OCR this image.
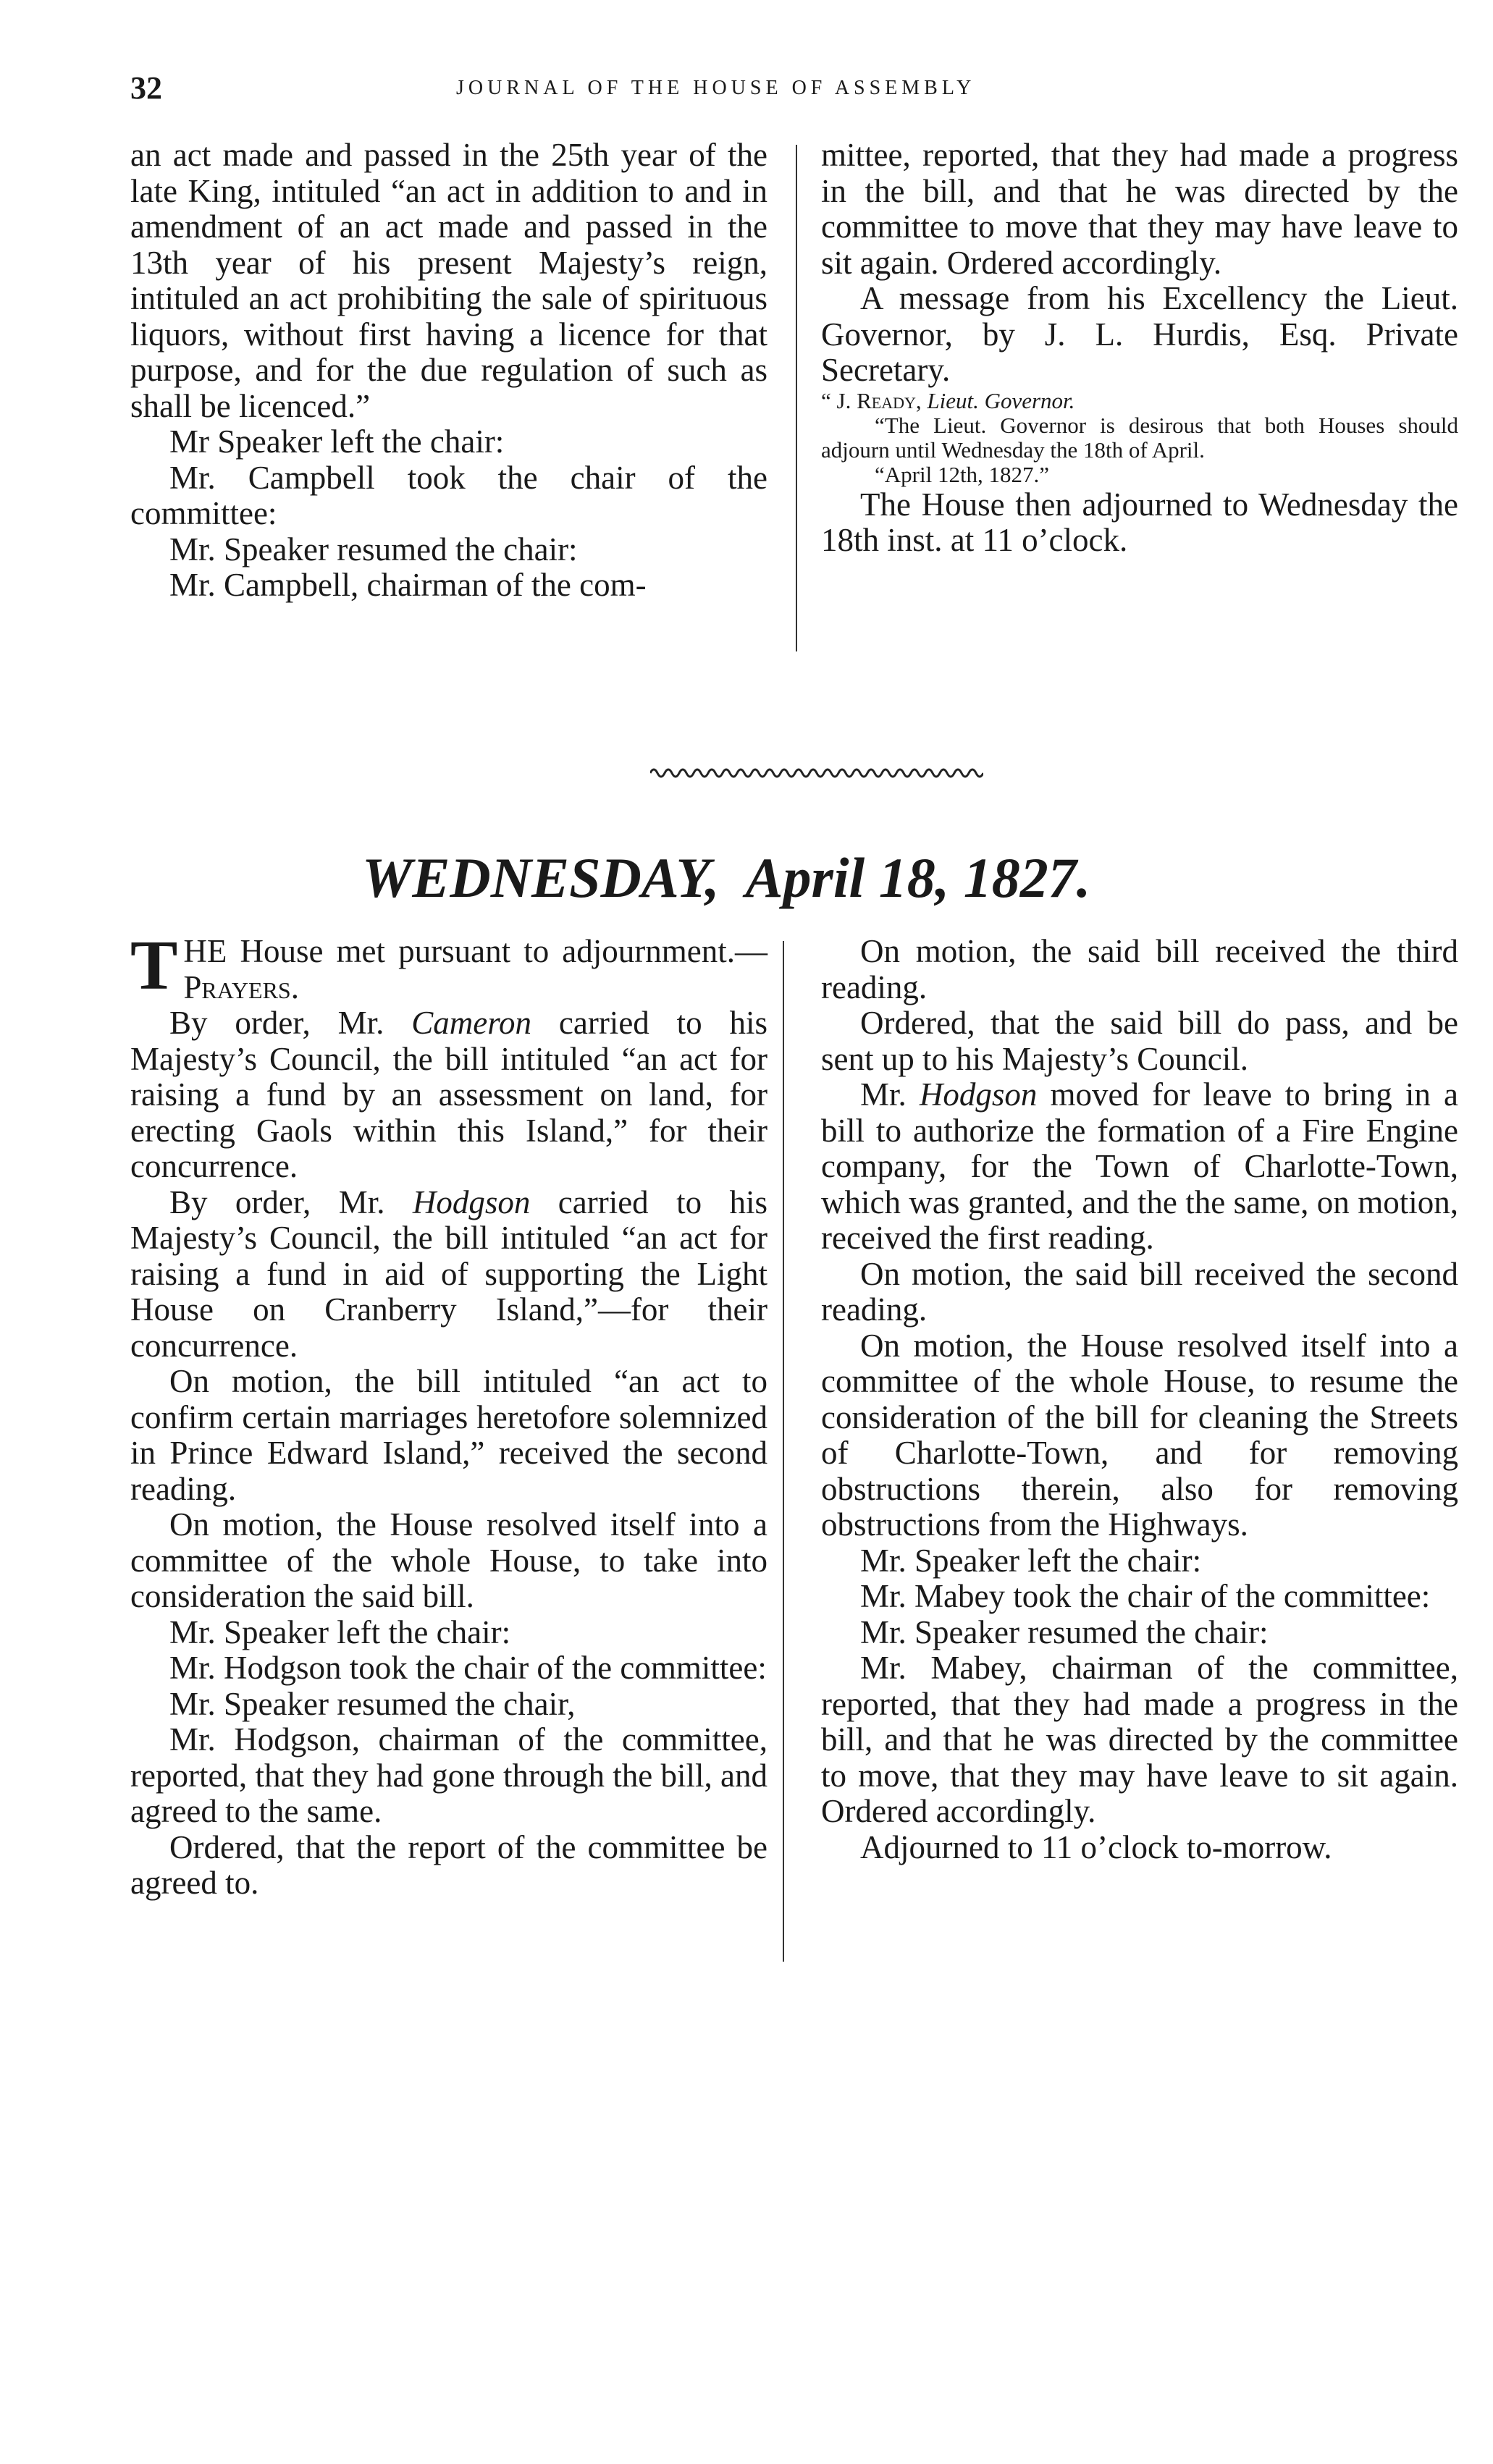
32	JOURNAL OF THE HOUSE OF ASSEMBLY

an act made and passed in the 25th year of the late King, intituled “an act in addition to and in amendment of an act made and passed in the 13th year of his present Majesty’s reign, intituled an act prohibiting the sale of spirituous liquors, without first having a licence for that purpose, and for the due regulation of such as shall be licenced.”

Mr Speaker left the chair:

Mr. Campbell took the chair of the committee:

Mr. Speaker resumed the chair:

Mr. Campbell, chairman of the com-

mittee, reported, that they had made a progress in the bill, and that he was directed by the committee to move that they may have leave to sit again. Ordered accordingly.

A message from his Excellency the Lieut. Governor, by J. L. Hurdis, Esq. Private Secretary.

“ J. Ready, Lieut. Governor.

“The Lieut. Governor is desirous that both Houses should adjourn until Wednesday the 18th of April.

“April 12th, 1827.”

The House then adjourned to Wednesday the 18th inst. at 11 o’clock.

WEDNESDAY, April 18, 1827.

THE House met pursuant to adjournment.—Prayers.

By order, Mr. Cameron carried to his Majesty’s Council, the bill intituled “an act for raising a fund by an assessment on land, for erecting Gaols within this Island,” for their concurrence.

By order, Mr. Hodgson carried to his Majesty’s Council, the bill intituled “an act for raising a fund in aid of supporting the Light House on Cranberry Island,”—for their concurrence.

On motion, the bill intituled “an act to confirm certain marriages heretofore solemnized in Prince Edward Island,” received the second reading.

On motion, the House resolved itself into a committee of the whole House, to take into consideration the said bill.

Mr. Speaker left the chair:

Mr. Hodgson took the chair of the committee:

Mr. Speaker resumed the chair,

Mr. Hodgson, chairman of the committee, reported, that they had gone through the bill, and agreed to the same.

Ordered, that the report of the committee be agreed to.

On motion, the said bill received the third reading.

Ordered, that the said bill do pass, and be sent up to his Majesty’s Council.

Mr. Hodgson moved for leave to bring in a bill to authorize the formation of a Fire Engine company, for the Town of Charlotte-Town, which was granted, and the the same, on motion, received the first reading.

On motion, the said bill received the second reading.

On motion, the House resolved itself into a committee of the whole House, to resume the consideration of the bill for cleaning the Streets of Charlotte-Town, and for removing obstructions therein, also for removing obstructions from the Highways.

Mr. Speaker left the chair:

Mr. Mabey took the chair of the committee:

Mr. Speaker resumed the chair:

Mr. Mabey, chairman of the committee, reported, that they had made a progress in the bill, and that he was directed by the committee to move, that they may have leave to sit again. Ordered accordingly.

Adjourned to 11 o’clock to-morrow.
